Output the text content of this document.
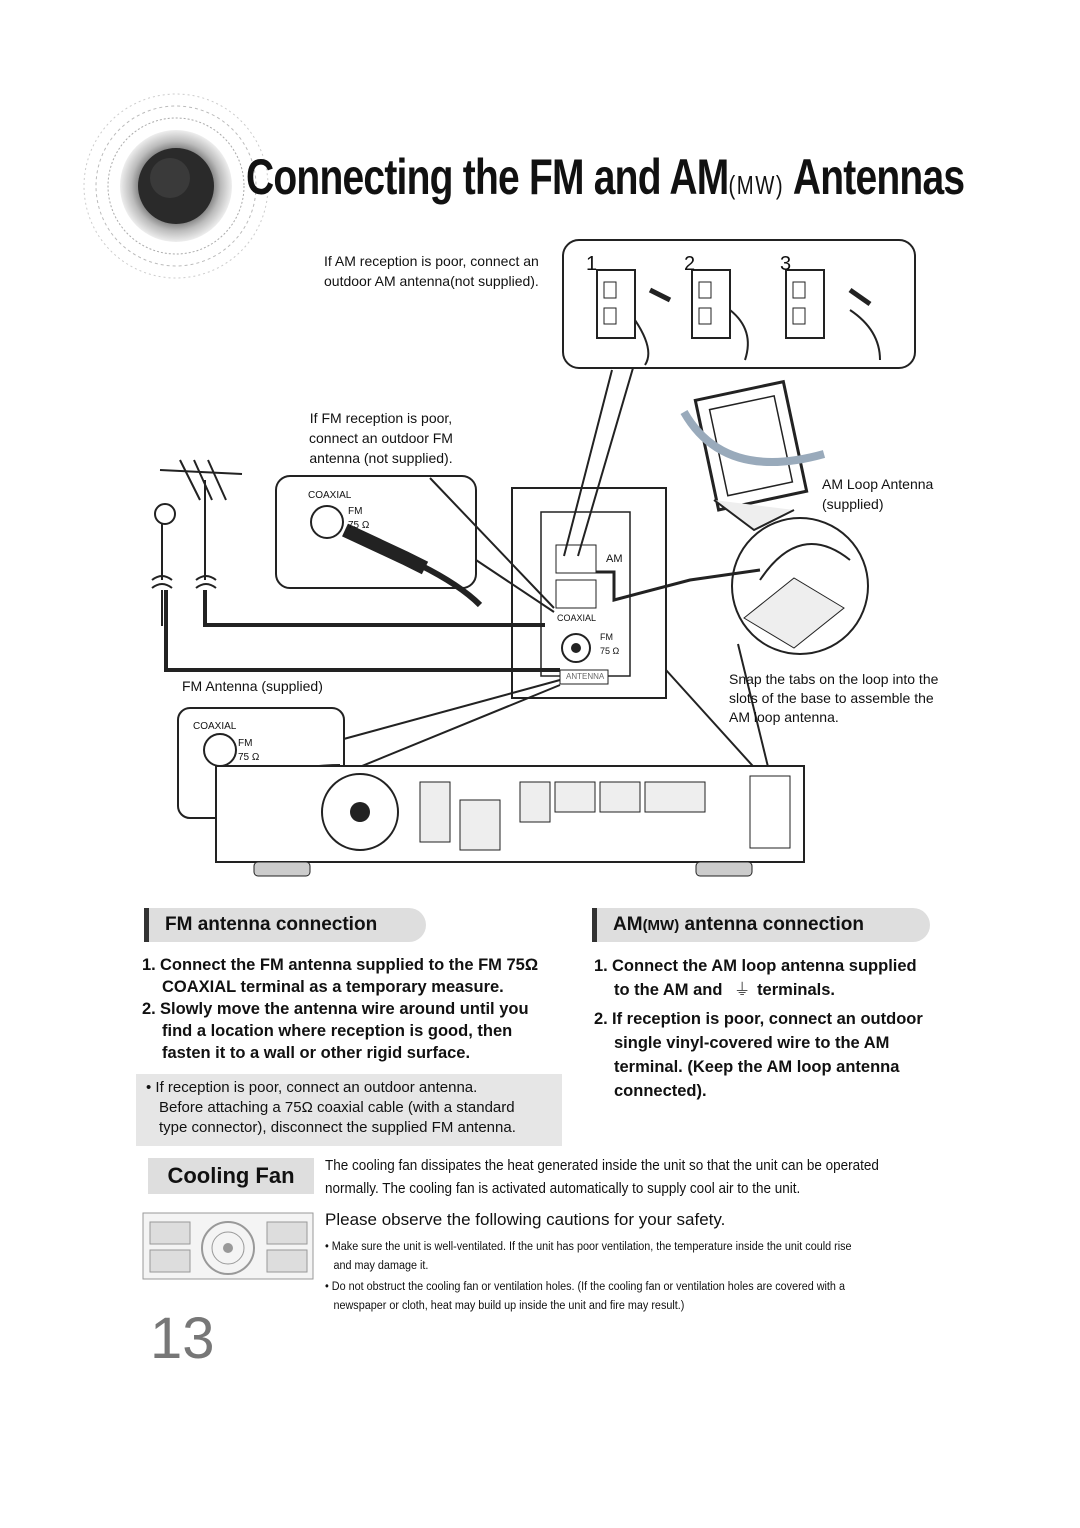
Connecting the FM and AM(MW) Antennas
If AM reception is poor, connect an
outdoor AM antenna(not supplied).
1	2	3
If FM reception is poor,
connect an outdoor FM
antenna (not supplied).
AM Loop Antenna
(supplied)
COAXIAL
FM
75 Ω
AM
COAXIAL
FM
75 Ω
ANTENNA	Snap the tabs on the loop into the
slots of the base to assemble the
AM loop antenna.
FM Antenna (supplied)
COAXIAL
FM
75 Ω
FM antenna connection
1. Connect the FM antenna supplied to the FM 75Ω
COAXIAL terminal as a temporary measure.
2. Slowly move the antenna wire around until you
find a location where reception is good, then
fasten it to a wall or other rigid surface.
• If reception is poor, connect an outdoor antenna.
Before attaching a 75Ω coaxial cable (with a standard
type connector), disconnect the supplied FM antenna.
AM(MW) antenna connection
1. Connect the AM loop antenna supplied
to the AM and ⏚ terminals.
2. If reception is poor, connect an outdoor
single vinyl-covered wire to the AM
terminal. (Keep the AM loop antenna
connected).
Cooling Fan	The cooling fan dissipates the heat generated inside the unit so that the unit can be operated
normally. The cooling fan is activated automatically to supply cool air to the unit.
Please observe the following cautions for your safety.
• Make sure the unit is well-ventilated. If the unit has poor ventilation, the temperature inside the unit could rise
and may damage it.
• Do not obstruct the cooling fan or ventilation holes. (If the cooling fan or ventilation holes are covered with a
newspaper or cloth, heat may build up inside the unit and fire may result.)
13
